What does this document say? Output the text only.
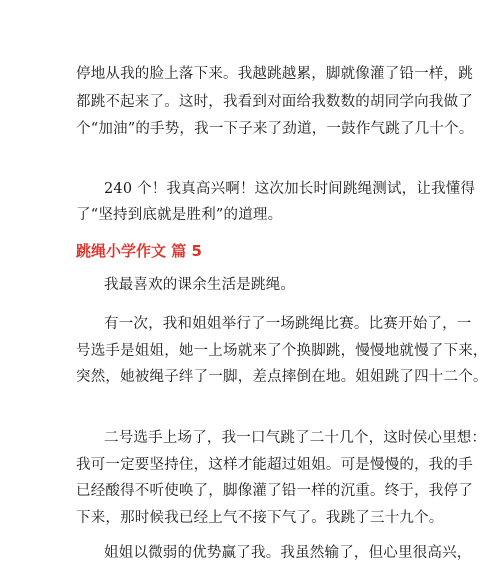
停地从我的脸上落下来。我越跳越累，脚就像灌了铅一样，跳
都跳不起来了。这时，我看到对面给我数数的胡同学向我做了
个“加油”的手势，我一下子来了劲道，一鼓作气跳了几十个。
240 个！我真高兴啊！这次加长时间跳绳测试，让我懂得
了“坚持到底就是胜利”的道理。
跳绳小学作文 篇 5
我最喜欢的课余生活是跳绳。
有一次，我和姐姐举行了一场跳绳比赛。比赛开始了，一
号选手是姐姐，她一上场就来了个换脚跳，慢慢地就慢了下来，
突然，她被绳子绊了一脚，差点摔倒在地。姐姐跳了四十二个。
二号选手上场了，我一口气跳了二十几个，这时侯心里想：
我可一定要坚持住，这样才能超过姐姐。可是慢慢的，我的手
已经酸得不听使唤了，脚像灌了铅一样的沉重。终于，我停了
下来，那时候我已经上气不接下气了。我跳了三十九个。
姐姐以微弱的优势赢了我。我虽然输了，但心里很高兴，
